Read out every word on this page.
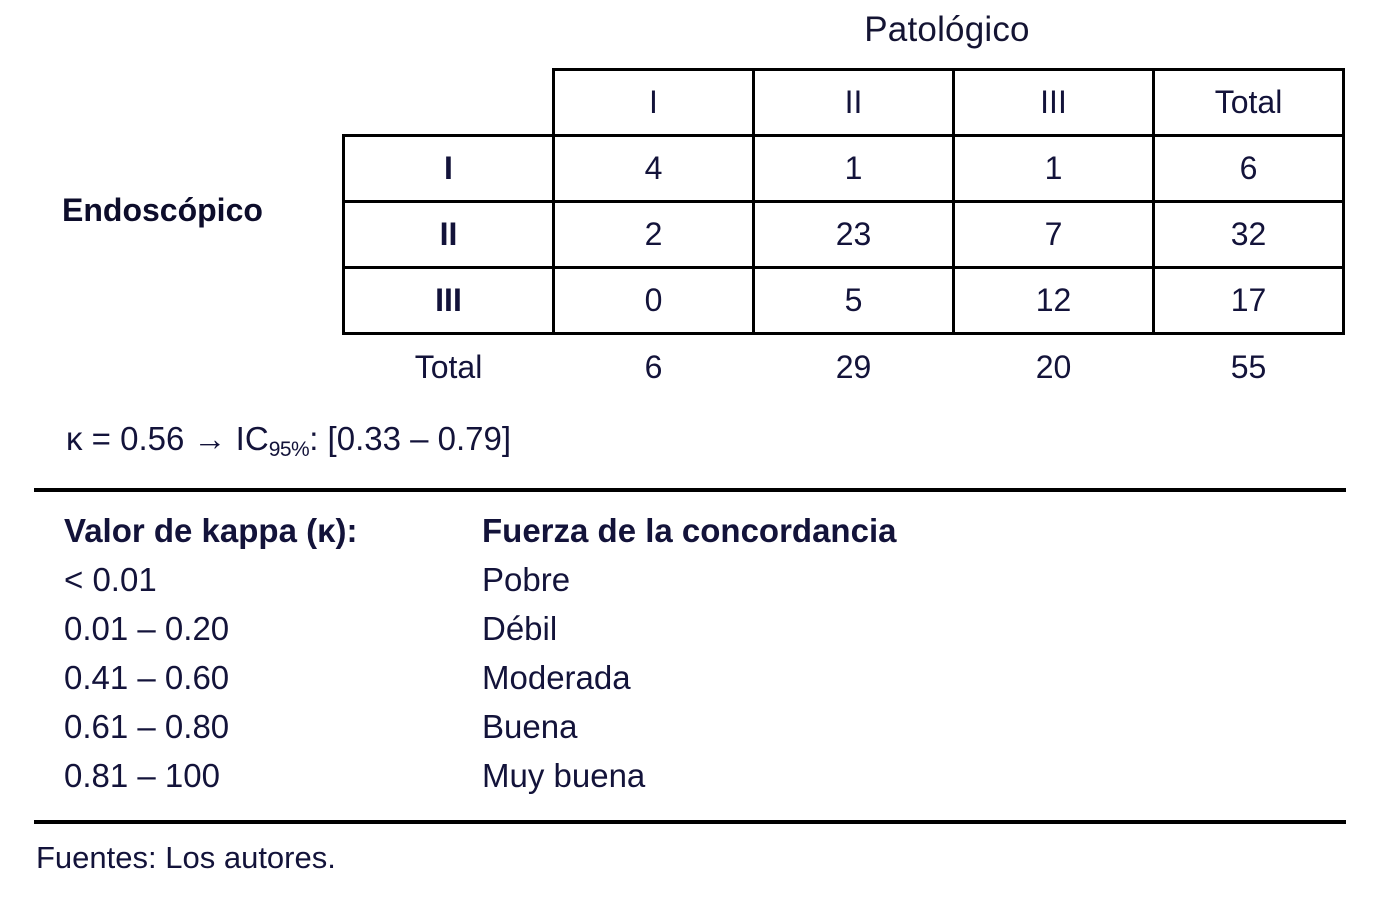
Patológico
Endoscópico
	I	II	III	Total
I	4	1	1	6
II	2	23	7	32
III	0	5	12	17
Total	6	29	20	55
κ = 0.56 → IC95%: [0.33 – 0.79]
Valor de kappa (κ):	Fuerza de la concordancia
< 0.01	Pobre
0.01 – 0.20	Débil
0.41 – 0.60	Moderada
0.61 – 0.80	Buena
0.81 – 100	Muy buena
Fuentes: Los autores.
